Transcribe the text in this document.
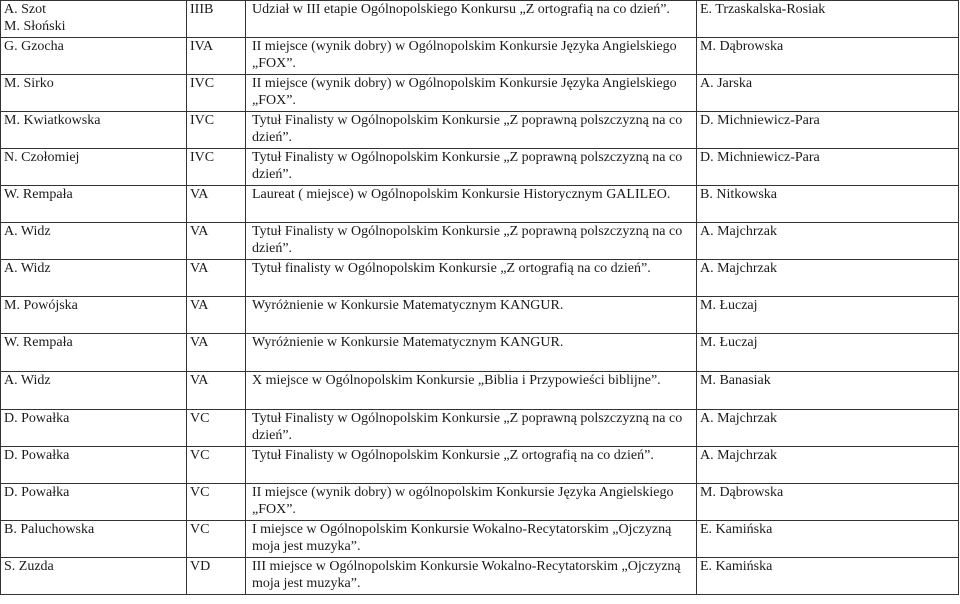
A. Szot
M. Słoński	IIIB	Udział w III etapie Ogólnopolskiego Konkursu „Z ortografią na co dzień”.	E. Trzaskalska-Rosiak

G. Gzocha	IVA	II miejsce (wynik dobry) w Ogólnopolskim Konkursie Języka Angielskiego „FOX”.	M. Dąbrowska

M. Sirko	IVC	II miejsce (wynik dobry) w Ogólnopolskim Konkursie Języka Angielskiego „FOX”.	A. Jarska

M. Kwiatkowska	IVC	Tytuł Finalisty w Ogólnopolskim Konkursie „Z poprawną polszczyzną na co dzień”.	D. Michniewicz-Para

N. Czołomiej	IVC	Tytuł Finalisty w Ogólnopolskim Konkursie „Z poprawną polszczyzną na co dzień”.	D. Michniewicz-Para

W. Rempała	VA	Laureat ( miejsce) w Ogólnopolskim Konkursie Historycznym GALILEO.	B. Nitkowska

A. Widz	VA	Tytuł Finalisty w Ogólnopolskim Konkursie „Z poprawną polszczyzną na co dzień”.	A. Majchrzak

A. Widz	VA	Tytuł finalisty w Ogólnopolskim Konkursie „Z ortografią na co dzień”.	A. Majchrzak

M. Powójska	VA	Wyróżnienie w Konkursie Matematycznym KANGUR.	M. Łuczaj

W. Rempała	VA	Wyróżnienie w Konkursie Matematycznym KANGUR.	M. Łuczaj

A. Widz	VA	X miejsce w Ogólnopolskim Konkursie „Biblia i Przypowieści biblijne”.	M. Banasiak

D. Powałka	VC	Tytuł Finalisty w Ogólnopolskim Konkursie „Z poprawną polszczyzną na co dzień”.	A. Majchrzak

D. Powałka	VC	Tytuł Finalisty w Ogólnopolskim Konkursie „Z ortografią na co dzień”.	A. Majchrzak

D. Powałka	VC	II miejsce (wynik dobry) w ogólnopolskim Konkursie Języka Angielskiego „FOX”.	M. Dąbrowska

B. Paluchowska	VC	I miejsce w Ogólnopolskim Konkursie Wokalno-Recytatorskim „Ojczyzną moja jest muzyka”.	E. Kamińska

S. Zuzda	VD	III miejsce w Ogólnopolskim Konkursie Wokalno-Recytatorskim „Ojczyzną moja jest muzyka”.	E. Kamińska
